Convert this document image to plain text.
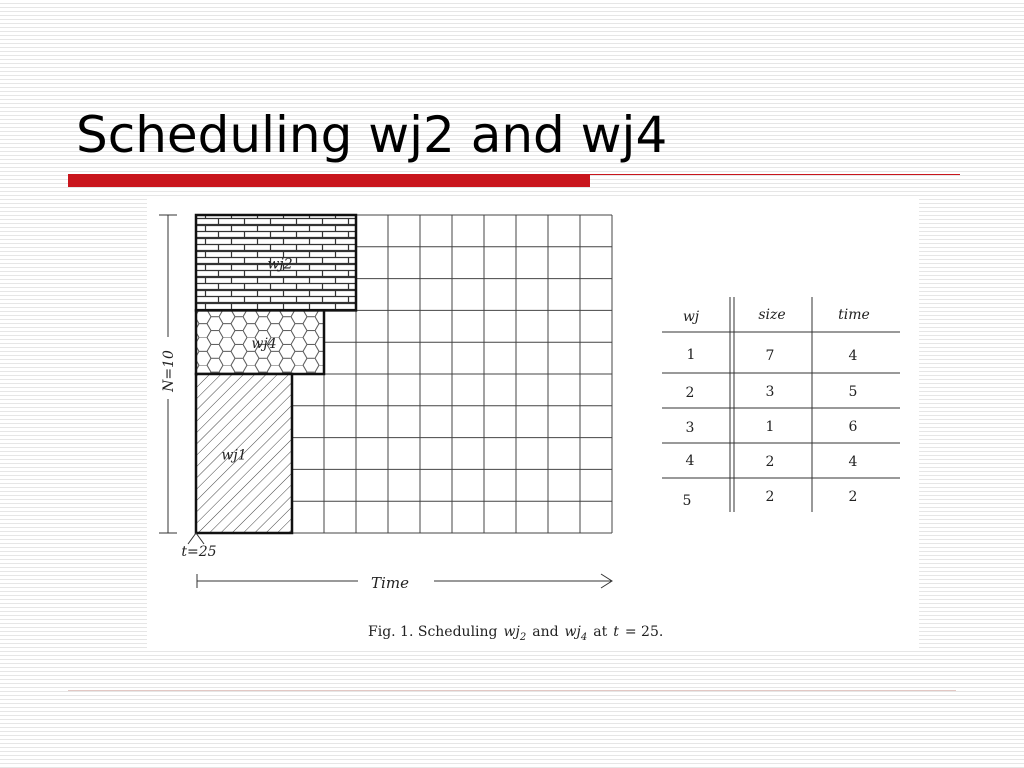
Scheduling wj2 and wj4
wj2
wj4
wj1
N=10
t=25
Time
wj	size	time
1	7	4
2	3	5
3	1	6
4	2	4
5	2	2
Fig. 1. Scheduling $wj_2$ and $wj_4$ at t = 25.
